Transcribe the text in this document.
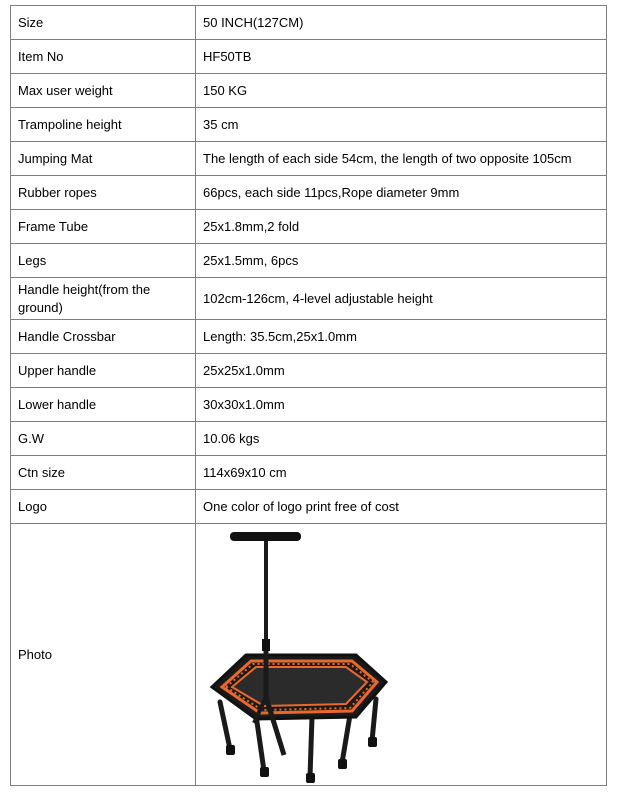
Size	50 INCH(127CM)
Item No	HF50TB
Max user weight	150 KG
Trampoline height	35 cm
Jumping Mat	The length of each side 54cm, the length of two opposite 105cm
Rubber ropes	66pcs, each side 11pcs,Rope diameter 9mm
Frame Tube	25x1.8mm,2 fold
Legs	25x1.5mm, 6pcs
Handle height(from the ground)	102cm-126cm, 4-level adjustable height
Handle Crossbar	Length: 35.5cm,25x1.0mm
Upper handle	25x25x1.0mm
Lower handle	30x30x1.0mm
G.W	10.06 kgs
Ctn size	114x69x10 cm
Logo	One color of logo print free of cost
Photo	
